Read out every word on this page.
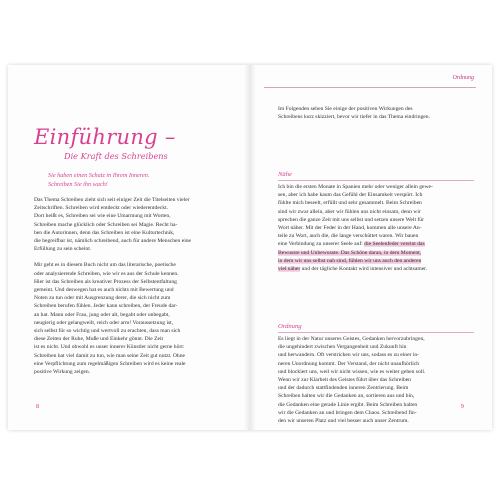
Einführung –
Die Kraft des Schreibens
Sie haben einen Schatz in Ihrem Inneren.
Schreiben Sie ihn wach!
Das Thema Schreiben zieht sich seit einiger Zeit die Titelseiten vieler
Zeitschriften. Schreiben wird entdeckt oder wiederentdeckt.
Dort heißt es, Schreiben sei wie eine Umarmung mit Worten,
Schreiben mache glücklich oder Schreiben sei Magie. Recht ha-
ben die Autorinnen, denn das Schreiben ist eine Kulturtechnik,
die begreifbar ist, nämlich schreibend, auch für andere Menschen eine
Erfüllung zu sein scheint.
Mir geht es in diesem Buch nicht um das literarische, poetische
oder analysierende Schreiben, wie wir es aus der Schule kennen.
Hier ist das Schreiben als kreativer Prozess der Selbstentfaltung
gemeint. Und deswegen hat es auch nichts mit Bewertung und
Noten zu tun oder mit Ausgrenzung derer, die sich nicht zum
Schreiben berufen fühlen. Jeder kann schreiben, der Freude dar-
an hat. Mann oder Frau, jung oder alt, begabt oder unbegabt,
neugierig oder gelangweilt, reich oder arm! Voraussetzung ist,
sich selbst für so wichtig und wertvoll zu erachten, dass man sich
diese Zeiten der Ruhe, Muße und Einkehr gönnt. Die Zeit
ist es nicht. Und obwohl es unser innerer Künstler nicht gerne hört:
Schreiben hat viel damit zu tun, wie man seine Zeit gut nutzt. Ohne
eine Verpflichtung zum regelmäßigen Schreiben wird es keine reale
positive Wirkung zeigen.
8
Ordnung
Im Folgenden sehen Sie einige der positiven Wirkungen des
Schreibens kurz skizziert, bevor wir tiefer in das Thema eindringen.
Nähe
Ich bin die ersten Monate in Spanien mehr oder weniger allein gewe-
sen, aber ich habe kaum das Gefühl der Einsamkeit verspürt. Ich
fühlte mich beseelt, erfüllt und sehr gesammelt. Beim Schreiben
sind wir zwar allein, aber wir fühlen uns nicht einsam, denn wir
sprechen die ganze Zeit mit uns selbst und setzen unsere Welt für
Wort näher. Mit der Feder in der Hand, kommen alle unsere An-
teile zu Wort, auch die, die lange verschüttet waren. Wir bauen
eine Verbindung zu unserer Seele auf: die Seelenfeder vereint das
Bewusste und Unbewusste. Das Schöne daran, in dem Moment,
in dem wir uns selbst nah sind, fühlen wir uns auch den anderen
viel näher und der tägliche Kontakt wird intensiver und achtsamer.
Ordnung
Es liegt in der Natur unseres Geistes, Gedanken hervorzubringen,
die ungehindert zwischen Vergangenheit und Zukunft hin
und herwandern. Oft verstricken wir uns, sodass es zu einer in-
neren Unordnung kommt. Der Verstand, der nicht unaufhörlich
und blockiert uns, weil wir nicht wissen, wie es weiter gehen soll.
Wenn wir zur Klarheit des Geistes führt über das Schreiben
und der dadurch stattfindenden inneren Zentrierung. Beim
Schreiben halten wir die Gedanken an, sortieren aus und bin,
die Gedanken eine gerade Linie ergibt. Beim Schreiben halten
wir die Gedanken an und bringen dem Chaos. Schreibend fin-
den wir unseren Platz und viel besser auch unser Zentrum.
9
